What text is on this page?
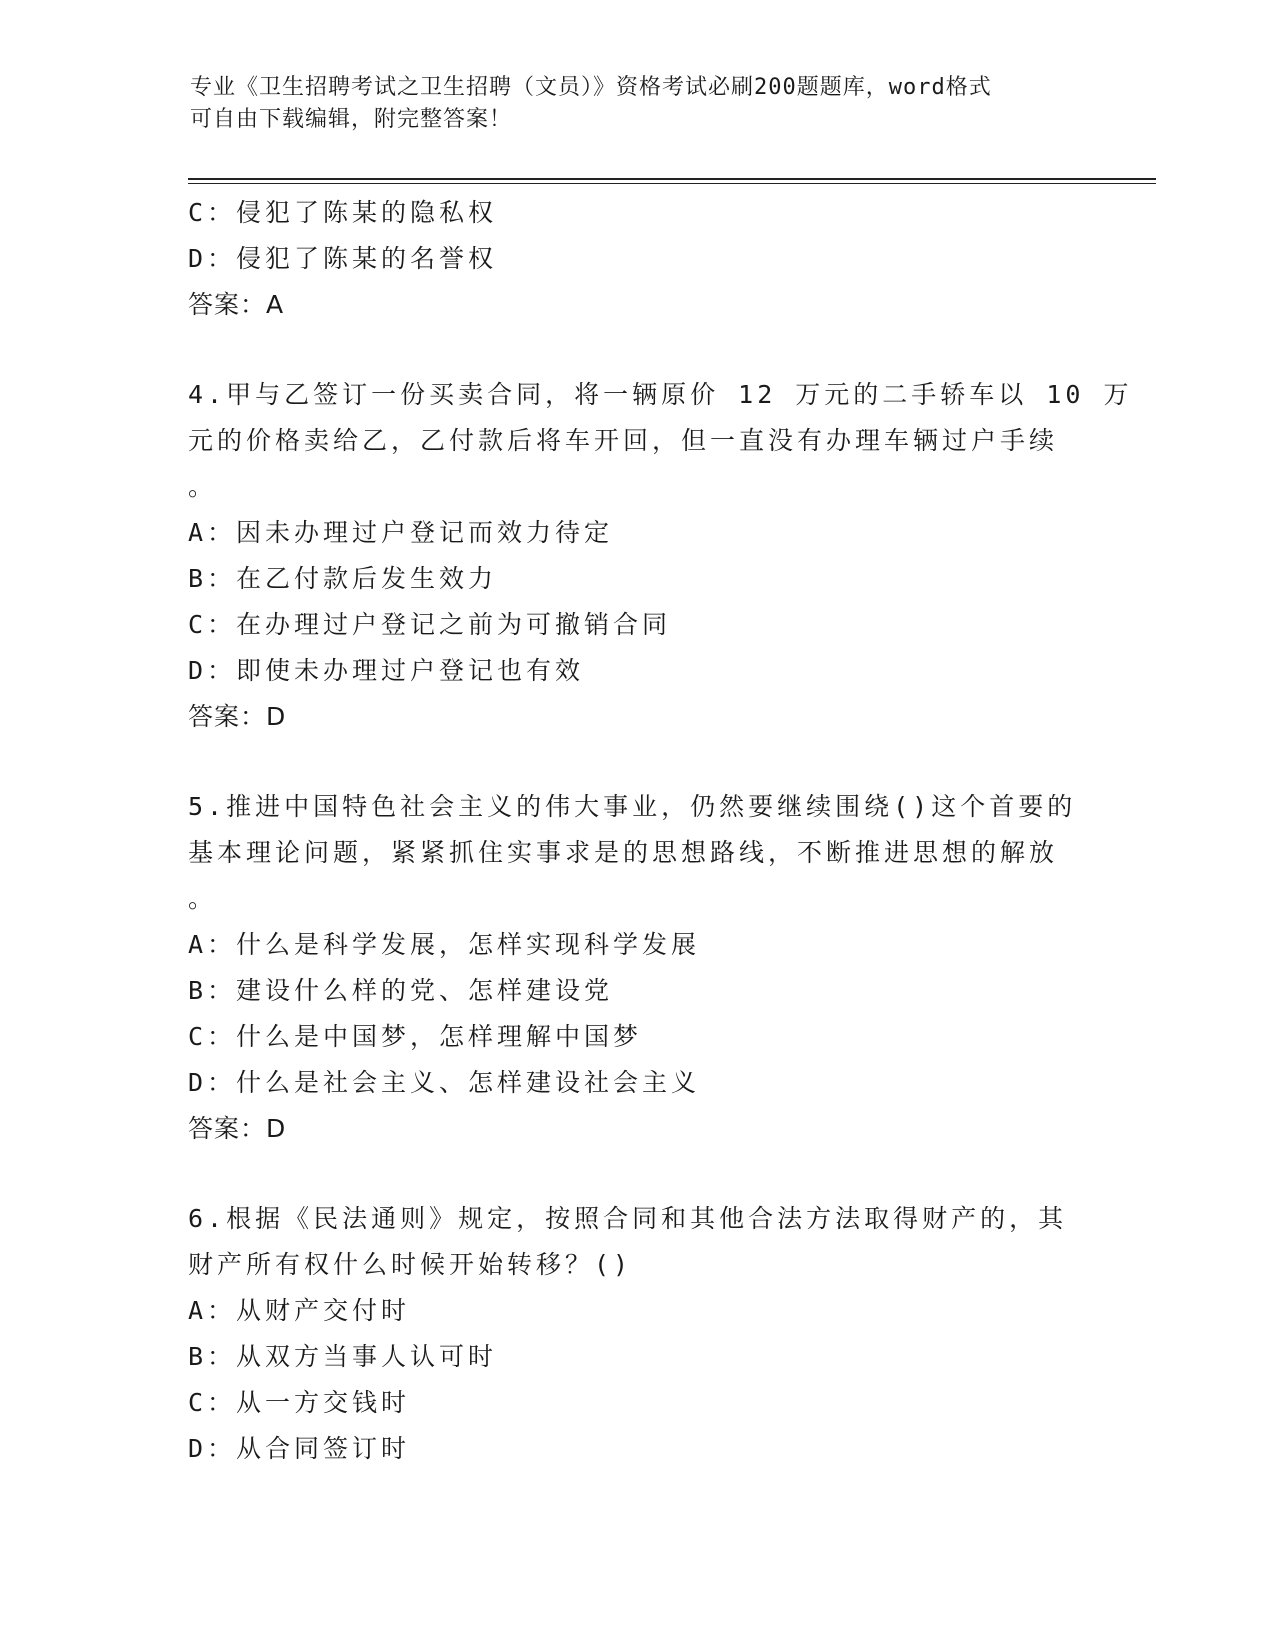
专业《卫生招聘考试之卫生招聘（文员）》资格考试必刷200题题库，word格式
可自由下载编辑，附完整答案！
C：侵犯了陈某的隐私权
D：侵犯了陈某的名誉权
答案：A
4.甲与乙签订一份买卖合同，将一辆原价 12 万元的二手轿车以 10 万
元的价格卖给乙，乙付款后将车开回，但一直没有办理车辆过户手续
。
A：因未办理过户登记而效力待定
B：在乙付款后发生效力
C：在办理过户登记之前为可撤销合同
D：即使未办理过户登记也有效
答案：D
5.推进中国特色社会主义的伟大事业，仍然要继续围绕()这个首要的
基本理论问题，紧紧抓住实事求是的思想路线，不断推进思想的解放
。
A：什么是科学发展，怎样实现科学发展
B：建设什么样的党、怎样建设党
C：什么是中国梦，怎样理解中国梦
D：什么是社会主义、怎样建设社会主义
答案：D
6.根据《民法通则》规定，按照合同和其他合法方法取得财产的，其
财产所有权什么时候开始转移？()
A：从财产交付时
B：从双方当事人认可时
C：从一方交钱时
D：从合同签订时
